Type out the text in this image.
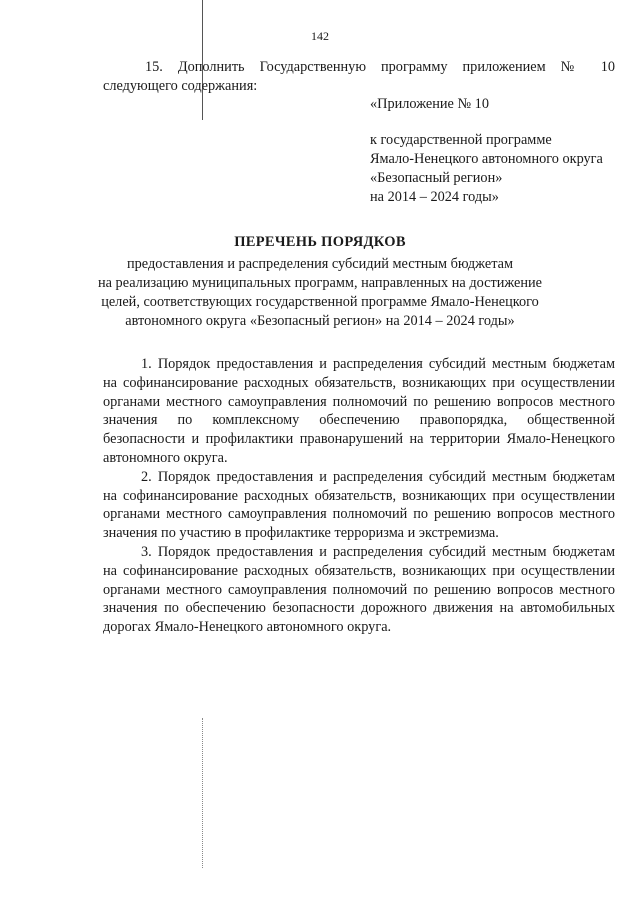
142
15. Дополнить Государственную программу приложением № 10
следующего содержания:
«Приложение № 10
к государственной программе
Ямало-Ненецкого автономного округа
«Безопасный регион»
на 2014 – 2024 годы»
ПЕРЕЧЕНЬ ПОРЯДКОВ
предоставления и распределения субсидий местным бюджетам
на реализацию муниципальных программ, направленных на достижение
целей, соответствующих государственной программе Ямало-Ненецкого
автономного округа «Безопасный регион» на 2014 – 2024 годы»

1. Порядок предоставления и распределения субсидий местным бюджетам на софинансирование расходных обязательств, возникающих при осуществлении органами местного самоуправления полномочий по решению вопросов местного значения по комплексному обеспечению правопорядка, общественной безопасности и профилактики правонарушений на территории Ямало-Ненецкого автономного округа.

2. Порядок предоставления и распределения субсидий местным бюджетам на софинансирование расходных обязательств, возникающих при осуществлении органами местного самоуправления полномочий по решению вопросов местного значения по участию в профилактике терроризма и экстремизма.

3. Порядок предоставления и распределения субсидий местным бюджетам на софинансирование расходных обязательств, возникающих при осуществлении органами местного самоуправления полномочий по решению вопросов местного значения по обеспечению безопасности дорожного движения на автомобильных дорогах Ямало-Ненецкого автономного округа.
